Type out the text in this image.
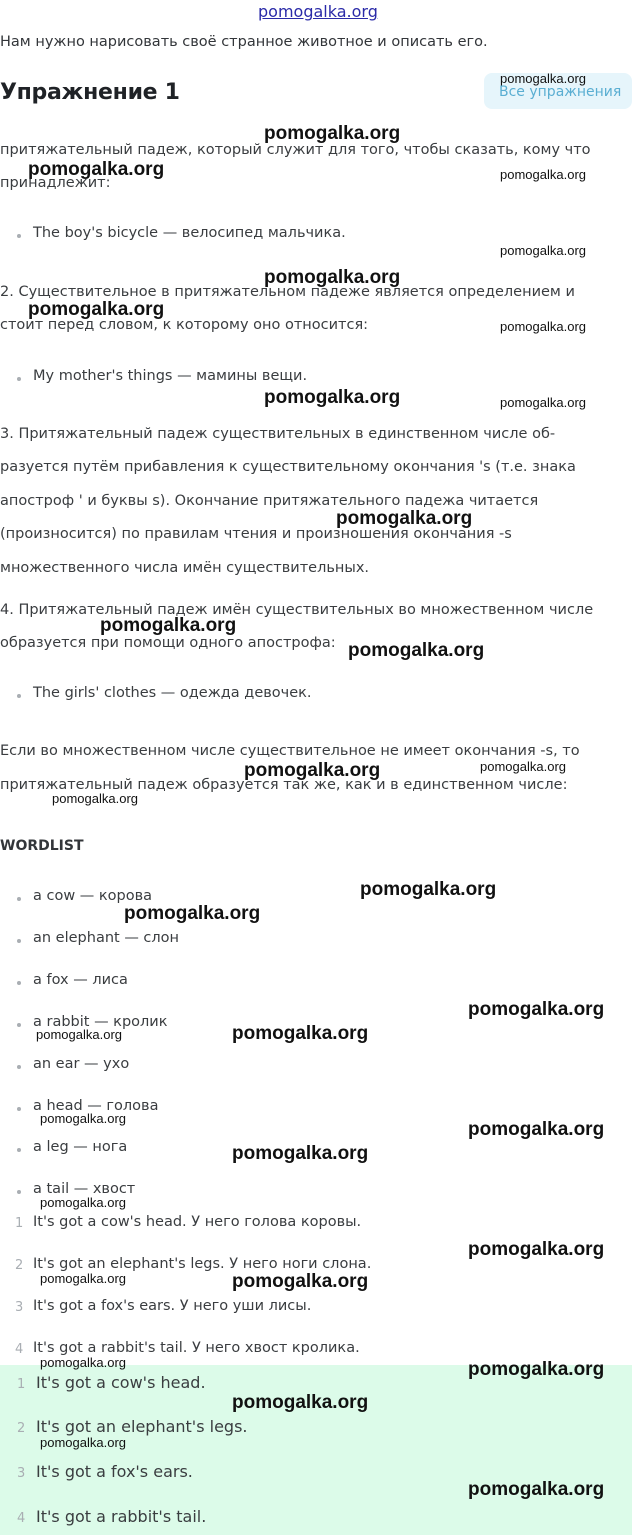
pomogalka.org
Нам нужно нарисовать своё странное животное и описать его.
Упражнение 1	Все упражнения
притяжательный падеж, который служит для того, чтобы сказать, кому что
принадлежит:
The boy's bicycle — велосипед мальчика.
2. Существительное в притяжательном падеже является определением и
стоит перед словом, к которому оно относится:
My mother's things — мамины вещи.
3. Притяжательный падеж существительных в единственном числе об-
разуется путём прибавления к существительному окончания 's (т.е. знака
апостроф ' и буквы s). Окончание притяжательного падежа читается
(произносится) по правилам чтения и произношения окончания -s
множественного числа имён существительных.
4. Притяжательный падеж имён существительных во множественном числе
образуется при помощи одного апострофа:
The girls' clothes — одежда девочек.
Если во множественном числе существительное не имеет окончания -s, то
притяжательный падеж образуется так же, как и в единственном числе:
WORDLIST
a cow — корова
an elephant — слон
a fox — лиса
a rabbit — кролик
an ear — ухо
a head — голова
a leg — нога
a tail — хвост
1 It's got a cow's head. У него голова коровы.
2 It's got an elephant's legs. У него ноги слона.
3 It's got a fox's ears. У него уши лисы.
4 It's got a rabbit's tail. У него хвост кролика.
1 It's got a cow's head.
2 It's got an elephant's legs.
3 It's got a fox's ears.
4 It's got a rabbit's tail.
pomogalka.org
pomogalka.org
pomogalka.org	pomogalka.org
pomogalka.org
pomogalka.org
pomogalka.org
pomogalka.org
pomogalka.org	pomogalka.org
pomogalka.org
pomogalka.org
pomogalka.org
pomogalka.org	pomogalka.org
pomogalka.org
pomogalka.org
pomogalka.org
pomogalka.org
pomogalka.org	pomogalka.org
pomogalka.org
pomogalka.org
pomogalka.org
pomogalka.org
pomogalka.org
pomogalka.org	pomogalka.org
pomogalka.org	pomogalka.org
pomogalka.org
pomogalka.org
pomogalka.org
